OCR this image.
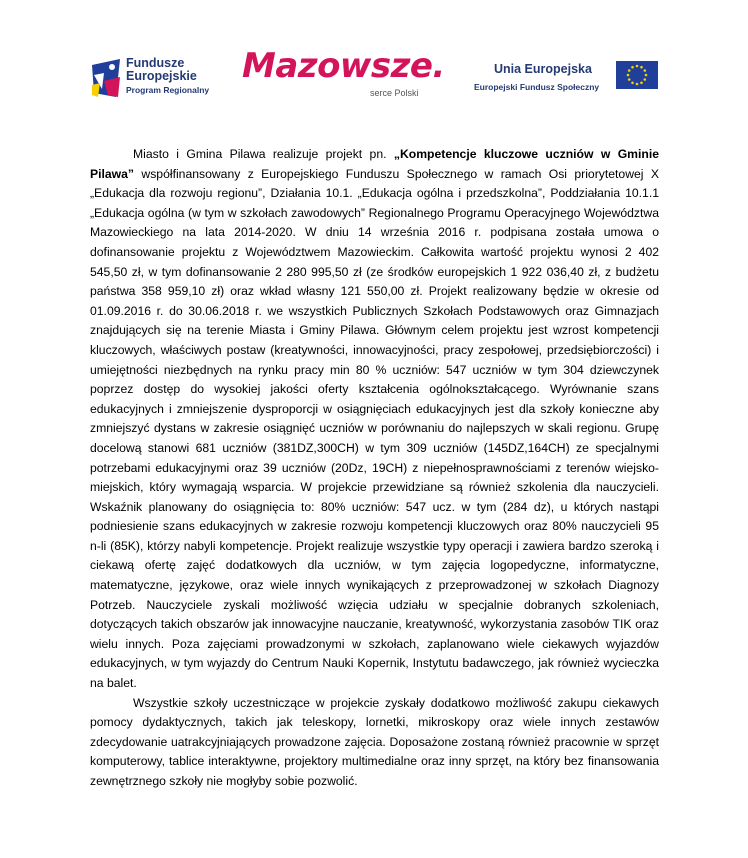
Fundusze
Europejskie
Program Regionalny
Mazowsze.
serce Polski
Unia Europejska
Europejski Fundusz Społeczny

Miasto i Gmina Pilawa realizuje projekt pn. „Kompetencje kluczowe uczniów w Gminie Pilawa” współfinansowany z Europejskiego Funduszu Społecznego w ramach Osi priorytetowej X „Edukacja dla rozwoju regionu”, Działania 10.1. „Edukacja ogólna i przedszkolna”, Poddziałania 10.1.1 „Edukacja ogólna (w tym w szkołach zawodowych” Regionalnego Programu Operacyjnego Województwa Mazowieckiego na lata 2014-2020. W dniu 14 września 2016 r. podpisana została umowa o dofinansowanie projektu z Województwem Mazowieckim. Całkowita wartość projektu wynosi 2 402 545,50 zł, w tym dofinansowanie 2 280 995,50 zł (ze środków europejskich 1 922 036,40 zł, z budżetu państwa 358 959,10 zł) oraz wkład własny 121 550,00 zł. Projekt realizowany będzie w okresie od 01.09.2016 r. do 30.06.2018 r. we wszystkich Publicznych Szkołach Podstawowych oraz Gimnazjach znajdujących się na terenie Miasta i Gminy Pilawa. Głównym celem projektu jest wzrost kompetencji kluczowych, właściwych postaw (kreatywności, innowacyjności, pracy zespołowej, przedsiębiorczości) i umiejętności niezbędnych na rynku pracy min 80 % uczniów: 547 uczniów w tym 304 dziewczynek poprzez dostęp do wysokiej jakości oferty kształcenia ogólnokształcącego. Wyrównanie szans edukacyjnych i zmniejszenie dysproporcji w osiągnięciach edukacyjnych jest dla szkoły konieczne aby zmniejszyć dystans w zakresie osiągnięć uczniów w porównaniu do najlepszych w skali regionu. Grupę docelową stanowi 681 uczniów (381DZ,300CH) w tym 309 uczniów (145DZ,164CH) ze specjalnymi potrzebami edukacyjnymi oraz 39 uczniów (20Dz, 19CH) z niepełnosprawnościami z terenów wiejsko-miejskich, który wymagają wsparcia. W projekcie przewidziane są również szkolenia dla nauczycieli. Wskaźnik planowany do osiągnięcia to: 80% uczniów: 547 ucz. w tym (284 dz), u których nastąpi podniesienie szans edukacyjnych w zakresie rozwoju kompetencji kluczowych oraz 80% nauczycieli 95 n-li (85K), którzy nabyli kompetencje. Projekt realizuje wszystkie typy operacji i zawiera bardzo szeroką i ciekawą ofertę zajęć dodatkowych dla uczniów, w tym zajęcia logopedyczne, informatyczne, matematyczne, językowe, oraz wiele innych wynikających z przeprowadzonej w szkołach Diagnozy Potrzeb. Nauczyciele zyskali możliwość wzięcia udziału w specjalnie dobranych szkoleniach, dotyczących takich obszarów jak innowacyjne nauczanie, kreatywność, wykorzystania zasobów TIK oraz wielu innych. Poza zajęciami prowadzonymi w szkołach, zaplanowano wiele ciekawych wyjazdów edukacyjnych, w tym wyjazdy do Centrum Nauki Kopernik, Instytutu badawczego, jak również wycieczka na balet.

Wszystkie szkoły uczestniczące w projekcie zyskały dodatkowo możliwość zakupu ciekawych pomocy dydaktycznych, takich jak teleskopy, lornetki, mikroskopy oraz wiele innych zestawów zdecydowanie uatrakcyjniających prowadzone zajęcia. Doposażone zostaną również pracownie w sprzęt komputerowy, tablice interaktywne, projektory multimedialne oraz inny sprzęt, na który bez finansowania zewnętrznego szkoły nie mogłyby sobie pozwolić.
